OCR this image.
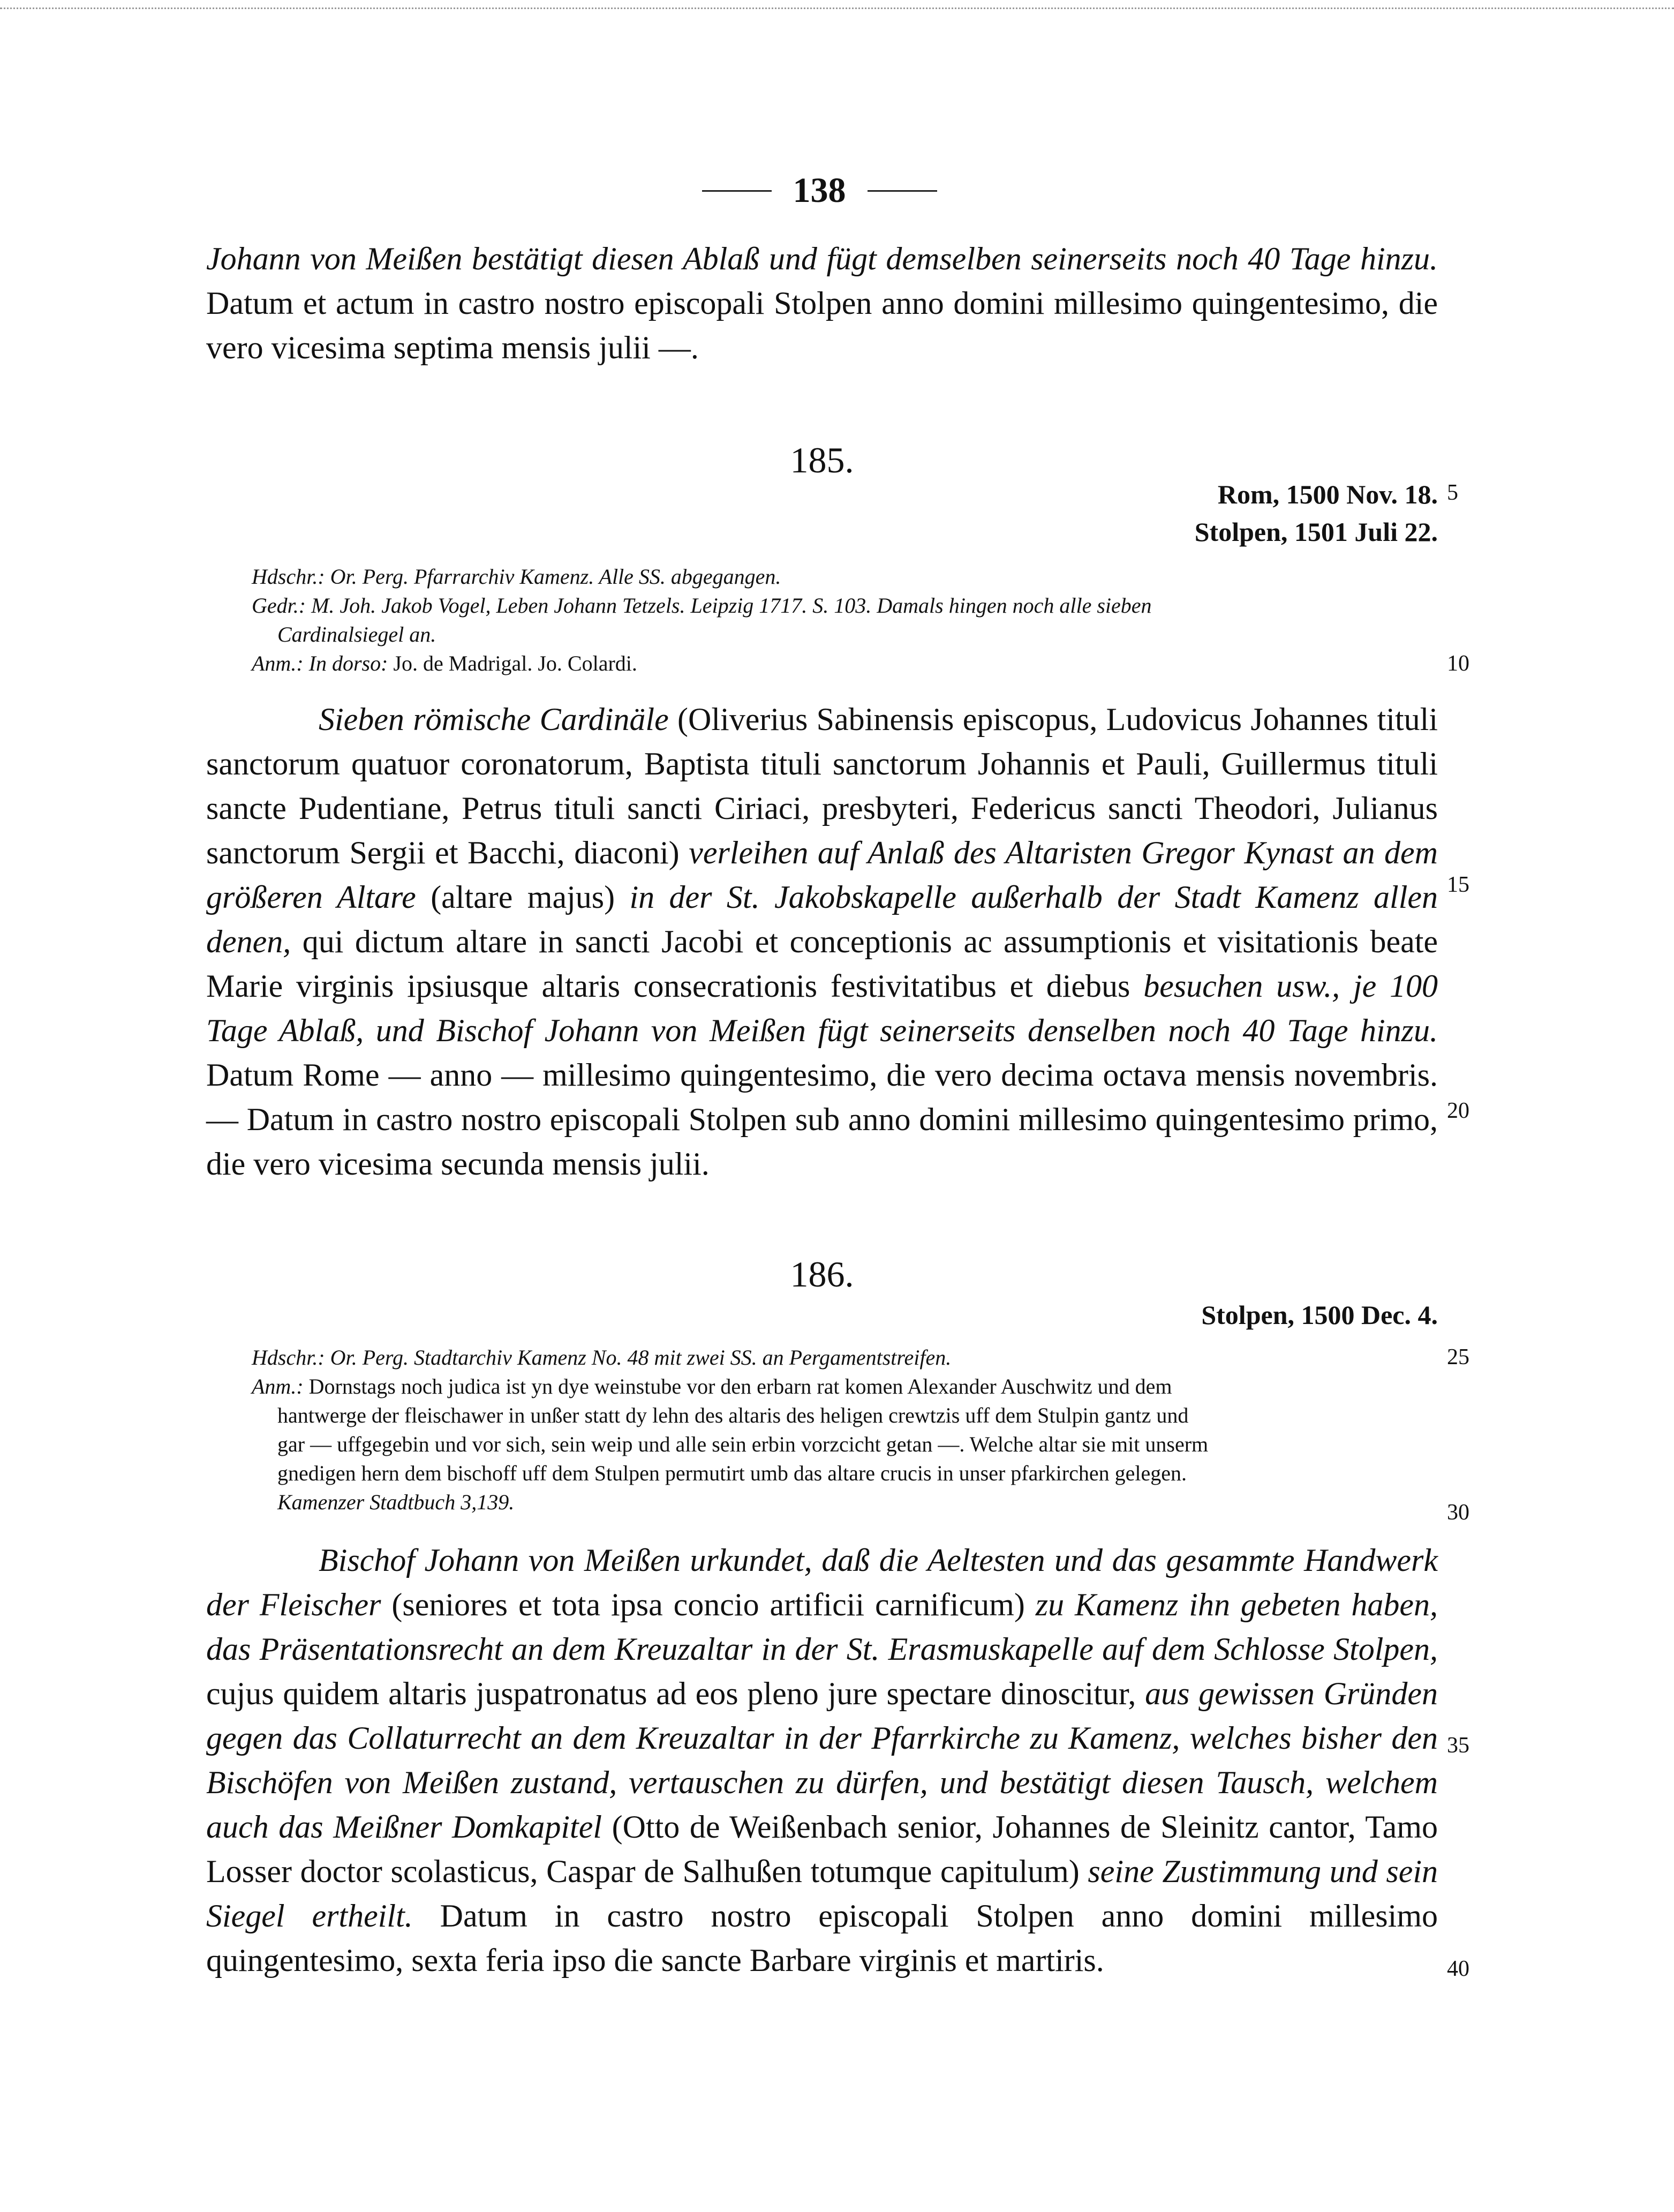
138
Johann von Meißen bestätigt diesen Ablaß und fügt demselben seinerseits noch 40 Tage hinzu. Datum et actum in castro nostro episcopali Stolpen anno domini millesimo quingentesimo, die vero vicesima septima mensis julii —.
185.
Rom, 1500 Nov. 18.
Stolpen, 1501 Juli 22.
Hdschr.: Or. Perg. Pfarrarchiv Kamenz. Alle SS. abgegangen.
Gedr.: M. Joh. Jakob Vogel, Leben Johann Tetzels. Leipzig 1717. S. 103. Damals hingen noch alle sieben
Cardinalsiegel an.
Anm.: In dorso: Jo. de Madrigal. Jo. Colardi.
Sieben römische Cardinäle (Oliverius Sabinensis episcopus, Ludovicus Johannes tituli sanctorum quatuor coronatorum, Baptista tituli sanctorum Johannis et Pauli, Guillermus tituli sancte Pudentiane, Petrus tituli sancti Ciriaci, presbyteri, Federicus sancti Theodori, Julianus sanctorum Sergii et Bacchi, diaconi) verleihen auf Anlaß des Altaristen Gregor Kynast an dem größeren Altare (altare majus) in der St. Jakobskapelle außerhalb der Stadt Kamenz allen denen, qui dictum altare in sancti Jacobi et conceptionis ac assumptionis et visitationis beate Marie virginis ipsiusque altaris consecrationis festivitatibus et diebus besuchen usw., je 100 Tage Ablaß, und Bischof Johann von Meißen fügt seinerseits denselben noch 40 Tage hinzu. Datum Rome — anno — millesimo quingentesimo, die vero decima octava mensis novembris. — Datum in castro nostro episcopali Stolpen sub anno domini millesimo quingentesimo primo, die vero vicesima secunda mensis julii.
186.
Stolpen, 1500 Dec. 4.
Hdschr.: Or. Perg. Stadtarchiv Kamenz No. 48 mit zwei SS. an Pergamentstreifen.
Anm.: Dornstags noch judica ist yn dye weinstube vor den erbarn rat komen Alexander Auschwitz und dem
hantwerge der fleischawer in unßer statt dy lehn des altaris des heligen crewtzis uff dem Stulpin gantz und
gar — uffgegebin und vor sich, sein weip und alle sein erbin vorzcicht getan —. Welche altar sie mit unserm
gnedigen hern dem bischoff uff dem Stulpen permutirt umb das altare crucis in unser pfarkirchen gelegen.
Kamenzer Stadtbuch 3,139.
Bischof Johann von Meißen urkundet, daß die Aeltesten und das gesammte Handwerk der Fleischer (seniores et tota ipsa concio artificii carnificum) zu Kamenz ihn gebeten haben, das Präsentationsrecht an dem Kreuzaltar in der St. Erasmuskapelle auf dem Schlosse Stolpen, cujus quidem altaris juspatronatus ad eos pleno jure spectare dinoscitur, aus gewissen Gründen gegen das Collaturrecht an dem Kreuzaltar in der Pfarrkirche zu Kamenz, welches bisher den Bischöfen von Meißen zustand, vertauschen zu dürfen, und bestätigt diesen Tausch, welchem auch das Meißner Domkapitel (Otto de Weißenbach senior, Johannes de Sleinitz cantor, Tamo Losser doctor scolasticus, Caspar de Salhußen totumque capitulum) seine Zustimmung und sein Siegel ertheilt. Datum in castro nostro episcopali Stolpen anno domini millesimo quingentesimo, sexta feria ipso die sancte Barbare virginis et martiris.
5
10
15
20
25
30
35
40
